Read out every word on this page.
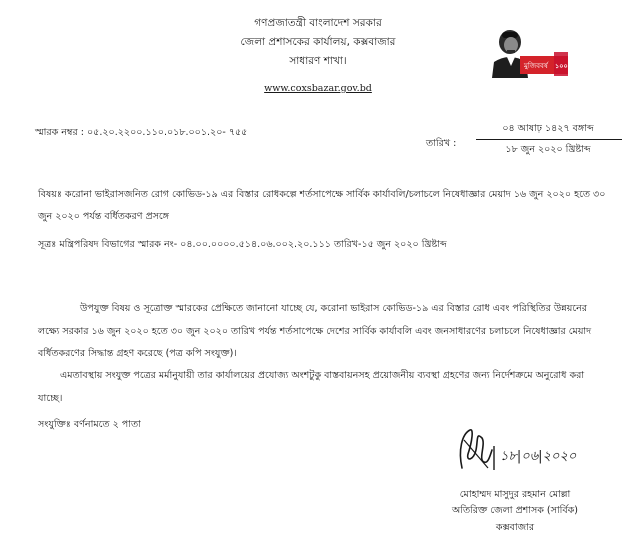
গণপ্রজাতন্ত্রী বাংলাদেশ সরকার
জেলা প্রশাসকের কার্যালয়, কক্সবাজার
সাধারণ শাখা।
www.coxsbazar.gov.bd
মুজিববর্ষ ১০০
স্মারক নম্বর : ০৫.২০.২২০০.১১০.০১৮.০০১.২০- ৭৫৫
তারিখ :
০৪ আষাঢ় ১৪২৭ বঙ্গাব্দ
১৮ জুন ২০২০ খ্রিষ্টাব্দ
বিষয়ঃ করোনা ভাইরাসজনিত রোগ কোভিড-১৯ এর বিস্তার রোধকল্পে শর্তসাপেক্ষে সার্বিক কার্যাবলি/চলাচলে নিষেধাজ্ঞার মেয়াদ ১৬ জুন ২০২০ হতে ৩০ জুন ২০২০ পর্যন্ত বর্ধিতকরণ প্রসঙ্গে
সূত্রঃ মন্ত্রিপরিষদ বিভাগের স্মারক নং- ০৪.০০.০০০০.৫১৪.০৬.০০২.২০.১১১ তারিখ-১৫ জুন ২০২০ খ্রিষ্টাব্দ
উপযুক্ত বিষয় ও সূত্রোক্ত স্মারকের প্রেক্ষিতে জানানো যাচ্ছে যে, করোনা ভাইরাস কোভিড-১৯ এর বিস্তার রোধ এবং পরিস্থিতির উন্নয়নের লক্ষ্যে সরকার ১৬ জুন ২০২০ হতে ৩০ জুন ২০২০ তারিখ পর্যন্ত শর্তসাপেক্ষে দেশের সার্বিক কার্যাবলি এবং জনসাধারণের চলাচলে নিষেধাজ্ঞার মেয়াদ বর্ধিতকরণের সিদ্ধান্ত গ্রহণ করেছে (পত্র কপি সংযুক্ত)।
এমতাবস্থায় সংযুক্ত পত্রের মর্মানুযায়ী তার কার্যালয়ের প্রযোজ্য অংশটুকু বাস্তবায়নসহ প্রয়োজনীয় ব্যবস্থা গ্রহণের জন্য নির্দেশক্রমে অনুরোধ করা যাচ্ছে।
সংযুক্তিঃ বর্ণনামতে ২ পাতা
১৮|০৬|২০২০
মোহাম্মদ মাসুদুর রহমান মোল্লা
অতিরিক্ত জেলা প্রশাসক (সার্বিক)
কক্সবাজার
